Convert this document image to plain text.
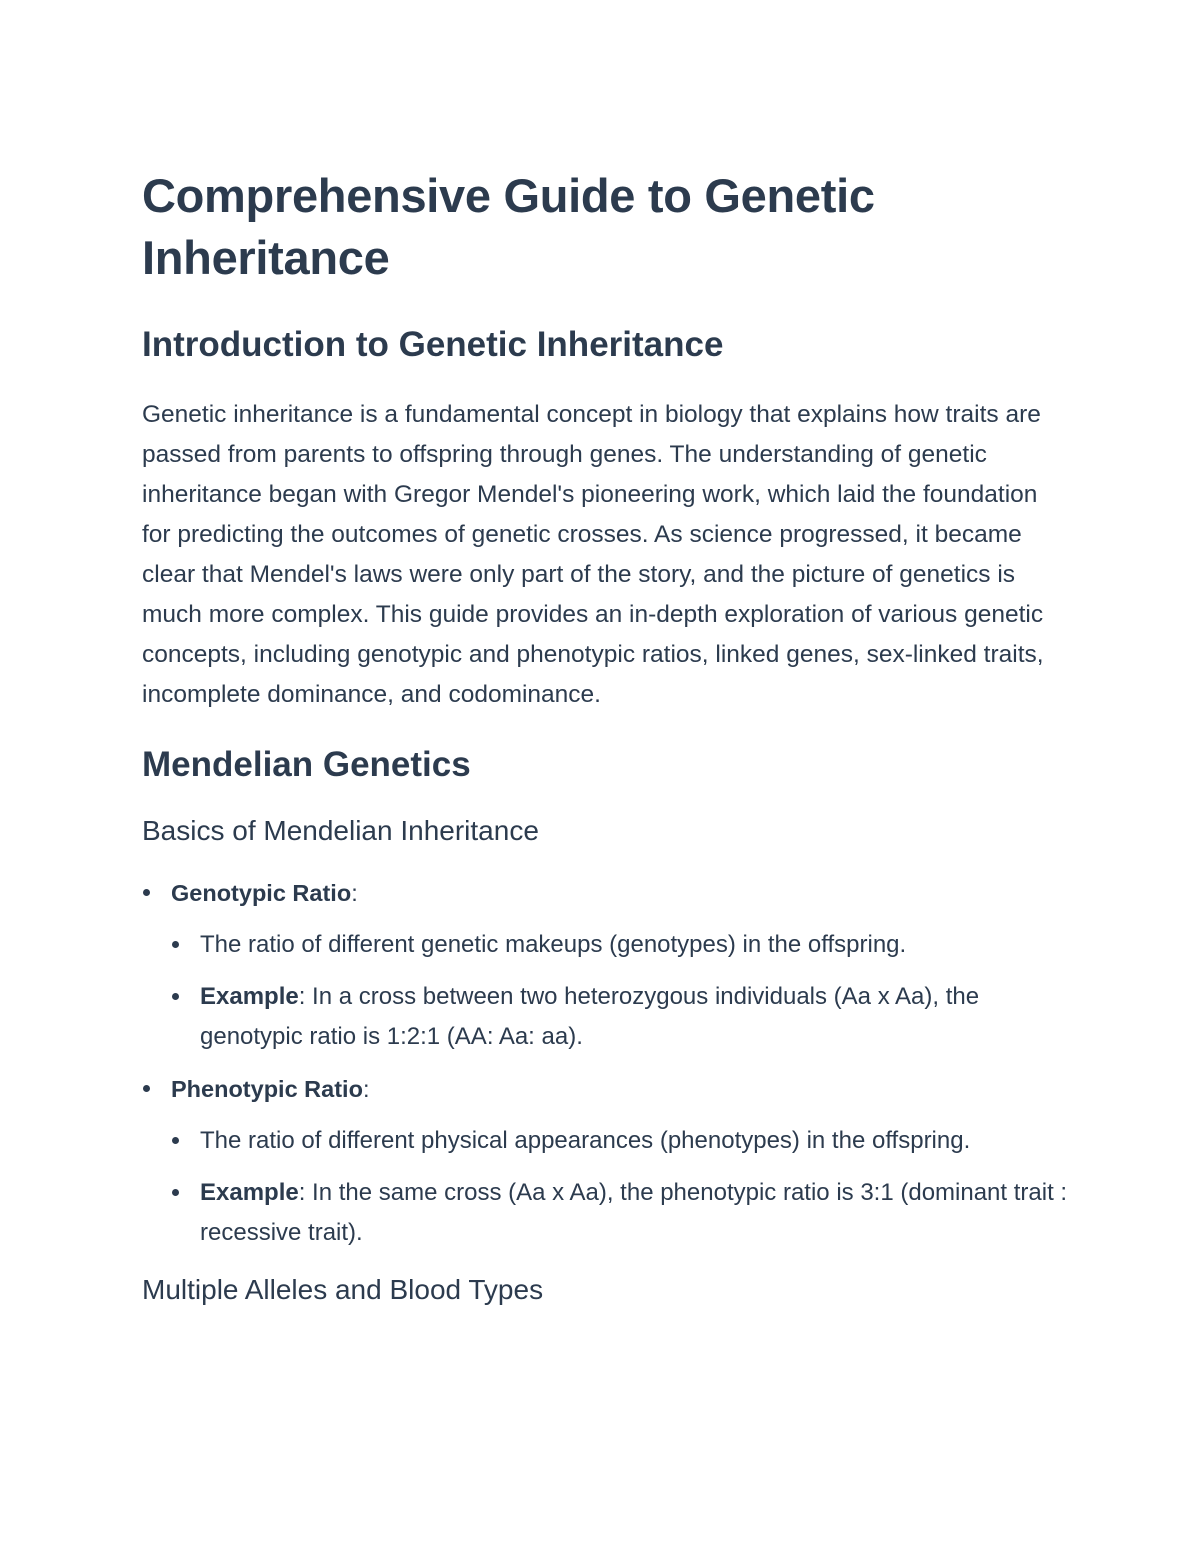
Comprehensive Guide to Genetic Inheritance
Introduction to Genetic Inheritance

Genetic inheritance is a fundamental concept in biology that explains how traits are passed from parents to offspring through genes. The understanding of genetic inheritance began with Gregor Mendel's pioneering work, which laid the foundation for predicting the outcomes of genetic crosses. As science progressed, it became clear that Mendel's laws were only part of the story, and the picture of genetics is much more complex. This guide provides an in-depth exploration of various genetic concepts, including genotypic and phenotypic ratios, linked genes, sex-linked traits, incomplete dominance, and codominance.

Mendelian Genetics
Basics of Mendelian Inheritance
Genotypic Ratio:
The ratio of different genetic makeups (genotypes) in the offspring.
Example: In a cross between two heterozygous individuals (Aa x Aa), the genotypic ratio is 1:2:1 (AA: Aa: aa).
Phenotypic Ratio:
The ratio of different physical appearances (phenotypes) in the offspring.
Example: In the same cross (Aa x Aa), the phenotypic ratio is 3:1 (dominant trait : recessive trait).
Multiple Alleles and Blood Types
